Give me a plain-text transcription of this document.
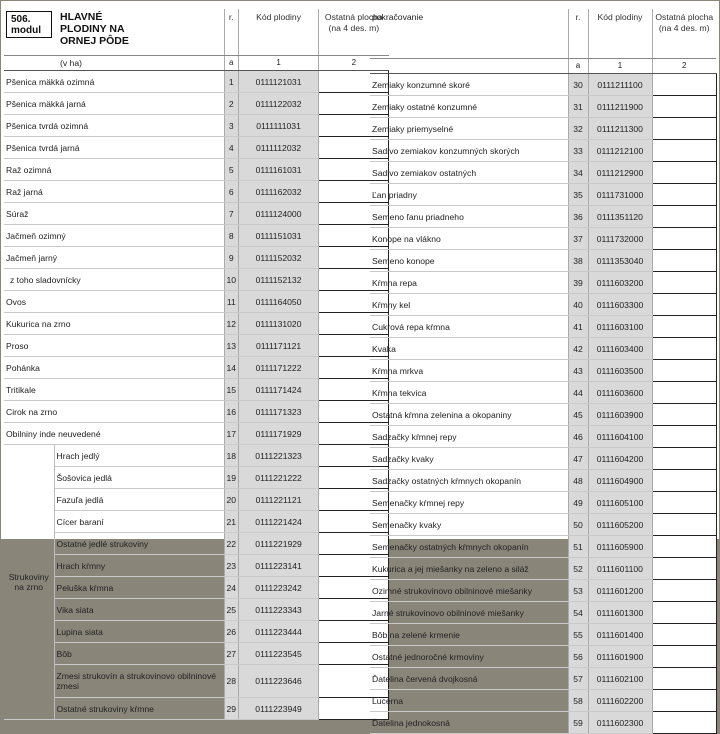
506.
modul
HLAVNÉ
PLODINY NA
ORNEJ PÔDE		r.	Kód plodiny	Ostatná plocha (na 4 des. m)
(v ha)		a	1	2
Pšenica mäkká ozimná		1	0111121031	
Pšenica mäkká jarná		2	0111122032	
Pšenica tvrdá ozimná		3	0111111031	
Pšenica tvrdá jarná		4	0111112032	
Raž ozimná		5	0111161031	
Raž jarná		6	0111162032	
Súraž		7	0111124000	
Jačmeň ozimný		8	0111151031	
Jačmeň jarný		9	0111152032	
z toho sladovnícky		10	0111152132	
Ovos		11	0111164050	
Kukurica na zrno		12	0111131020	
Proso		13	0111171121	
Pohánka		14	0111171222	
Tritikale		15	0111171424	
Cirok na zrno		16	0111171323	
Obilniny inde neuvedené		17	0111171929	
Strukoviny na zrno	Hrach jedlý	18	0111221323	
	Šošovica jedlá	19	0111221222	
	Fazuľa jedlá	20	0111221121	
	Cícer baraní	21	0111221424	
	Ostatné jedlé strukoviny	22	0111221929	
	Hrach kŕmny	23	0111223141	
	Peluška kŕmna	24	0111223242	
	Vika siata	25	0111223343	
	Lupina siata	26	0111223444	
	Bôb	27	0111223545	
	Zmesi strukovín a strukovinovo obilninové zmesi	28	0111223646	
	Ostatné strukoviny kŕmne	29	0111223949	
pokračovanie	r.	Kód plodiny	Ostatná plocha (na 4 des. m)
	a	1	2
Zemiaky konzumné skoré	30	0111211100	
Zemiaky ostatné konzumné	31	0111211900	
Zemiaky priemyselné	32	0111211300	
Sadivo zemiakov konzumných skorých	33	0111212100	
Sadivo zemiakov ostatných	34	0111212900	
Ľan priadny	35	0111731000	
Semeno ľanu priadneho	36	0111351120	
Konope na vlákno	37	0111732000	
Semeno konope	38	0111353040	
Kŕmna repa	39	0111603200	
Kŕmny kel	40	0111603300	
Cukrová repa kŕmna	41	0111603100	
Kvaka	42	0111603400	
Kŕmna mrkva	43	0111603500	
Kŕmna tekvica	44	0111603600	
Ostatná kŕmna zelenina a okopaniny	45	0111603900	
Sadzačky kŕmnej repy	46	0111604100	
Sadzačky kvaky	47	0111604200	
Sadzačky ostatných kŕmnych okopanín	48	0111604900	
Semenačky kŕmnej repy	49	0111605100	
Semenačky kvaky	50	0111605200	
Semenačky ostatných kŕmnych okopanín	51	0111605900	
Kukurica a jej miešanky na zeleno a siláž	52	0111601100	
Ozimné strukovinovo obilninové miešanky	53	0111601200	
Jarné strukovinovo obilninové miešanky	54	0111601300	
Bôb na zelené krmenie	55	0111601400	
Ostatné jednoročné krmoviny	56	0111601900	
Ďatelina červená dvojkosná	57	0111602100	
Lucerna	58	0111602200	
Ďatelina jednokosná	59	0111602300	
